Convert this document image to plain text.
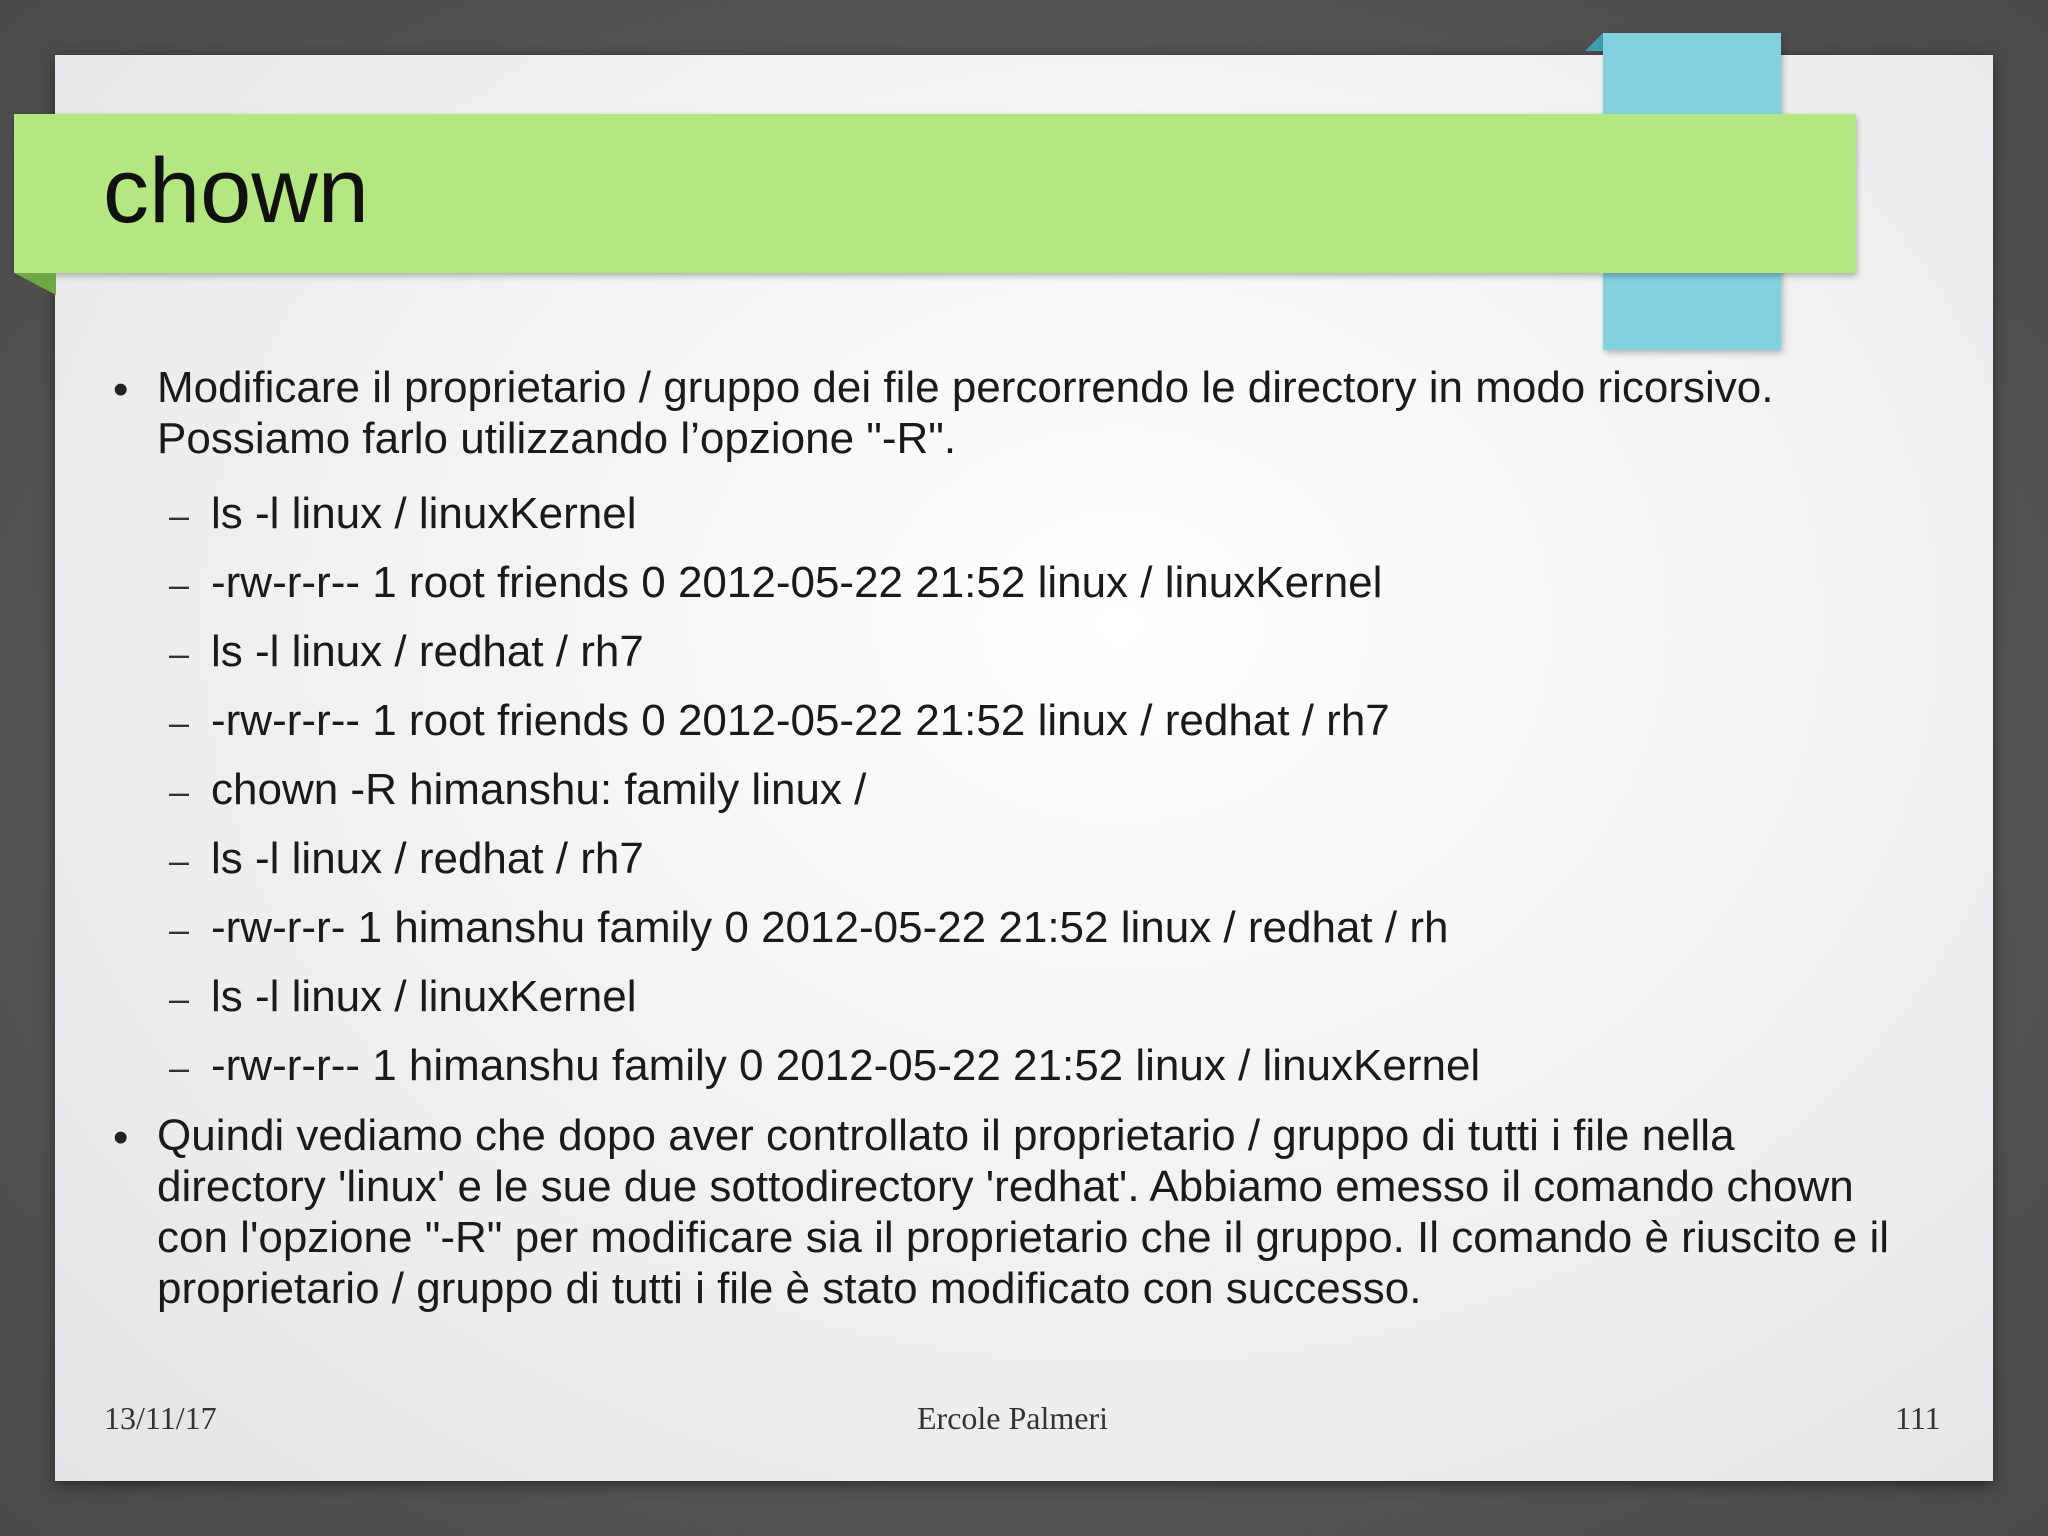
chown
• Modificare il proprietario / gruppo dei file percorrendo le directory in modo ricorsivo. Possiamo farlo utilizzando l’opzione "-R".
– ls -l linux / linuxKernel
– -rw-r-r-- 1 root friends 0 2012-05-22 21:52 linux / linuxKernel
– ls -l linux / redhat / rh7
– -rw-r-r-- 1 root friends 0 2012-05-22 21:52 linux / redhat / rh7
– chown -R himanshu: family linux /
– ls -l linux / redhat / rh7
– -rw-r-r- 1 himanshu family 0 2012-05-22 21:52 linux / redhat / rh
– ls -l linux / linuxKernel
– -rw-r-r-- 1 himanshu family 0 2012-05-22 21:52 linux / linuxKernel
• Quindi vediamo che dopo aver controllato il proprietario / gruppo di tutti i file nella directory 'linux' e le sue due sottodirectory 'redhat'. Abbiamo emesso il comando chown con l'opzione "-R" per modificare sia il proprietario che il gruppo. Il comando è riuscito e il proprietario / gruppo di tutti i file è stato modificato con successo.
13/11/17	Ercole Palmeri	111
